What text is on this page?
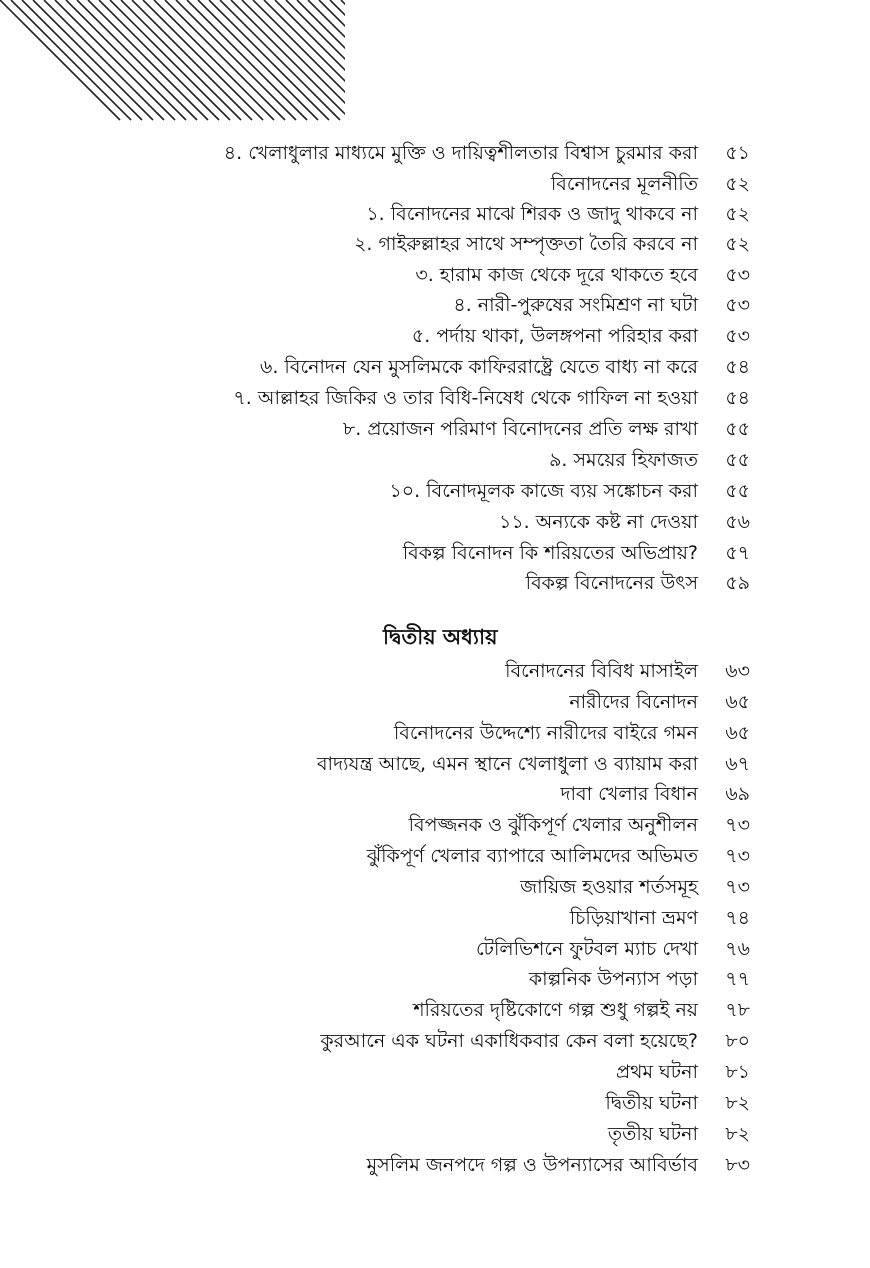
৪. খেলাধুলার মাধ্যমে মুক্তি ও দায়িত্বশীলতার বিশ্বাস চুরমার করা	৫১
বিনোদনের মূলনীতি	৫২
১. বিনোদনের মাঝে শিরক ও জাদু থাকবে না	৫২
২. গাইরুল্লাহর সাথে সম্পৃক্ততা তৈরি করবে না	৫২
৩. হারাম কাজ থেকে দূরে থাকতে হবে	৫৩
৪. নারী-পুরুষের সংমিশ্রণ না ঘটা	৫৩
৫. পর্দায় থাকা, উলঙ্গপনা পরিহার করা	৫৩
৬. বিনোদন যেন মুসলিমকে কাফিররাষ্ট্রে যেতে বাধ্য না করে	৫৪
৭. আল্লাহর জিকির ও তার বিধি-নিষেধ থেকে গাফিল না হওয়া	৫৪
৮. প্রয়োজন পরিমাণ বিনোদনের প্রতি লক্ষ রাখা	৫৫
৯. সময়ের হিফাজত	৫৫
১০. বিনোদমূলক কাজে ব্যয় সঙ্কোচন করা	৫৫
১১. অন্যকে কষ্ট না দেওয়া	৫৬
বিকল্প বিনোদন কি শরিয়তের অভিপ্রায়?	৫৭
বিকল্প বিনোদনের উৎস	৫৯
দ্বিতীয় অধ্যায়
বিনোদনের বিবিধ মাসাইল	৬৩
নারীদের বিনোদন	৬৫
বিনোদনের উদ্দেশ্যে নারীদের বাইরে গমন	৬৫
বাদ্যযন্ত্র আছে, এমন স্থানে খেলাধুলা ও ব্যায়াম করা	৬৭
দাবা খেলার বিধান	৬৯
বিপজ্জনক ও ঝুঁকিপূর্ণ খেলার অনুশীলন	৭৩
ঝুঁকিপূর্ণ খেলার ব্যাপারে আলিমদের অভিমত	৭৩
জায়িজ হওয়ার শর্তসমূহ	৭৩
চিড়িয়াখানা ভ্রমণ	৭৪
টেলিভিশনে ফুটবল ম্যাচ দেখা	৭৬
কাল্পনিক উপন্যাস পড়া	৭৭
শরিয়তের দৃষ্টিকোণে গল্প শুধু গল্পই নয়	৭৮
কুরআনে এক ঘটনা একাধিকবার কেন বলা হয়েছে?	৮০
প্রথম ঘটনা	৮১
দ্বিতীয় ঘটনা	৮২
তৃতীয় ঘটনা	৮২
মুসলিম জনপদে গল্প ও উপন্যাসের আবির্ভাব	৮৩
